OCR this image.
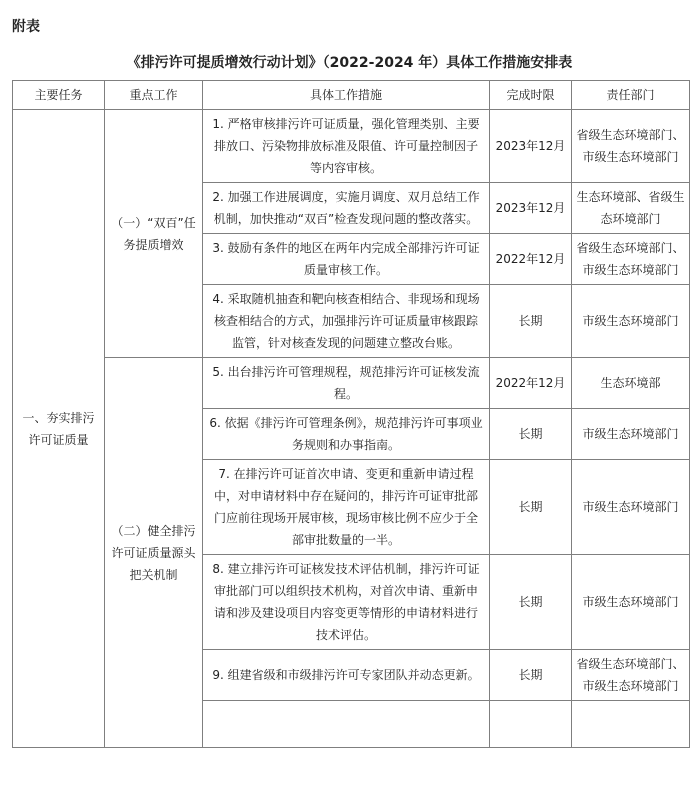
附表

《排污许可提质增效行动计划》（2022-2024 年）具体工作措施安排表
主要任务	重点工作	具体工作措施	完成时限	责任部门
一、夯实排污许可证质量	（一）“双百”任务提质增效	1. 严格审核排污许可证质量，强化管理类别、主要排放口、污染物排放标准及限值、许可量控制因子等内容审核。	2023年12月	省级生态环境部门、市级生态环境部门
		2. 加强工作进展调度，实施月调度、双月总结工作机制，加快推动“双百”检查发现问题的整改落实。	2023年12月	生态环境部、省级生态环境部门
		3. 鼓励有条件的地区在两年内完成全部排污许可证质量审核工作。	2022年12月	省级生态环境部门、市级生态环境部门
		4. 采取随机抽查和靶向核查相结合、非现场和现场核查相结合的方式，加强排污许可证质量审核跟踪监管，针对核查发现的问题建立整改台账。	长期	市级生态环境部门
	（二）健全排污许可证质量源头把关机制	5. 出台排污许可管理规程，规范排污许可证核发流程。	2022年12月	生态环境部
		6. 依据《排污许可管理条例》，规范排污许可事项业务规则和办事指南。	长期	市级生态环境部门
		7. 在排污许可证首次申请、变更和重新申请过程中，对申请材料中存在疑问的，排污许可证审批部门应前往现场开展审核，现场审核比例不应少于全部审批数量的一半。	长期	市级生态环境部门
		8. 建立排污许可证核发技术评估机制，排污许可证审批部门可以组织技术机构，对首次申请、重新申请和涉及建设项目内容变更等情形的申请材料进行技术评估。	长期	市级生态环境部门
		9. 组建省级和市级排污许可专家团队并动态更新。	长期	省级生态环境部门、市级生态环境部门
